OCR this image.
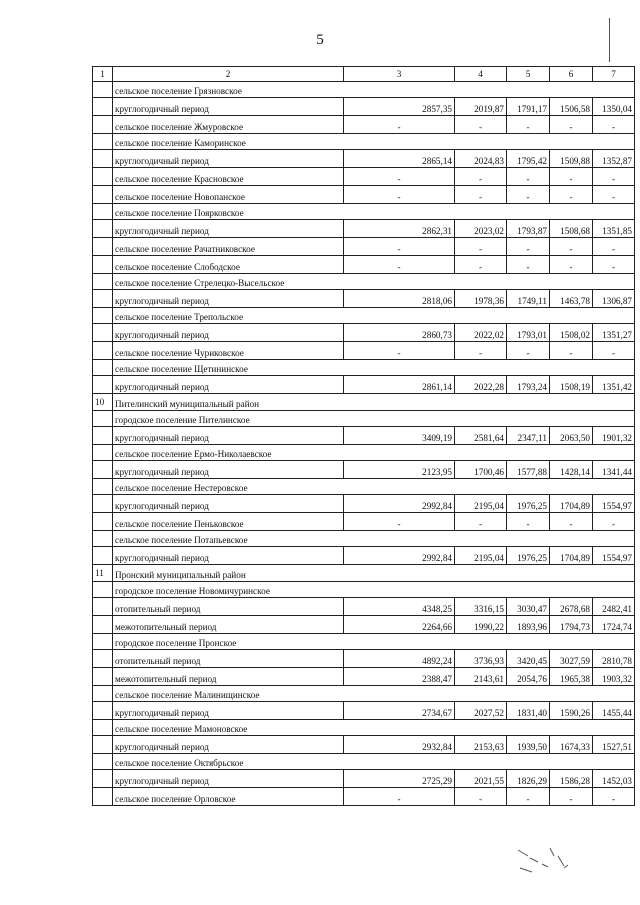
5
1	2	3	4	5	6	7
	сельское поселение Грязновское					
	круглогодичный период	2857,35	2019,87	1791,17	1506,58	1350,04
	сельское поселение Жмуровское	-	-	-	-	-
	сельское поселение Каморинское					
	круглогодичный период	2865,14	2024,83	1795,42	1509,88	1352,87
	сельское поселение Красновское	-	-	-	-	-
	сельское поселение Новопанское	-	-	-	-	-
	сельское поселение Поярковское					
	круглогодичный период	2862,31	2023,02	1793,87	1508,68	1351,85
	сельское поселение Рачатниковское	-	-	-	-	-
	сельское поселение Слободское	-	-	-	-	-
	сельское поселение Стрелецко-Высельское					
	круглогодичный период	2818,06	1978,36	1749,11	1463,78	1306,87
	сельское поселение Трепольское					
	круглогодичный период	2860,73	2022,02	1793,01	1508,02	1351,27
	сельское поселение Чуриковское	-	-	-	-	-
	сельское поселение Щетининское					
	круглогодичный период	2861,14	2022,28	1793,24	1508,19	1351,42
10	Пителинский муниципальный район					
	городское поселение Пителинское					
	круглогодичный период	3409,19	2581,64	2347,11	2063,50	1901,32
	сельское поселение Ермо-Николаевское					
	круглогодичный период	2123,95	1700,46	1577,88	1428,14	1341,44
	сельское поселение Нестеровское					
	круглогодичный период	2992,84	2195,04	1976,25	1704,89	1554,97
	сельское поселение Пеньковское	-	-	-	-	-
	сельское поселение Потапьевское					
	круглогодичный период	2992,84	2195,04	1976,25	1704,89	1554,97
11	Пронский муниципальный район					
	городское поселение Новомичуринское					
	отопительный период	4348,25	3316,15	3030,47	2678,68	2482,41
	межотопительный период	2264,66	1990,22	1893,96	1794,73	1724,74
	городское поселение Пронское					
	отопительный период	4892,24	3736,93	3420,45	3027,59	2810,78
	межотопительный период	2388,47	2143,61	2054,76	1965,38	1903,32
	сельское поселение Малинищинское					
	круглогодичный период	2734,67	2027,52	1831,40	1590,26	1455,44
	сельское поселение Мамоновское					
	круглогодичный период	2932,84	2153,63	1939,50	1674,33	1527,51
	сельское поселение Октябрьское					
	круглогодичный период	2725,29	2021,55	1826,29	1586,28	1452,03
	сельское поселение Орловское	-	-	-	-	-
